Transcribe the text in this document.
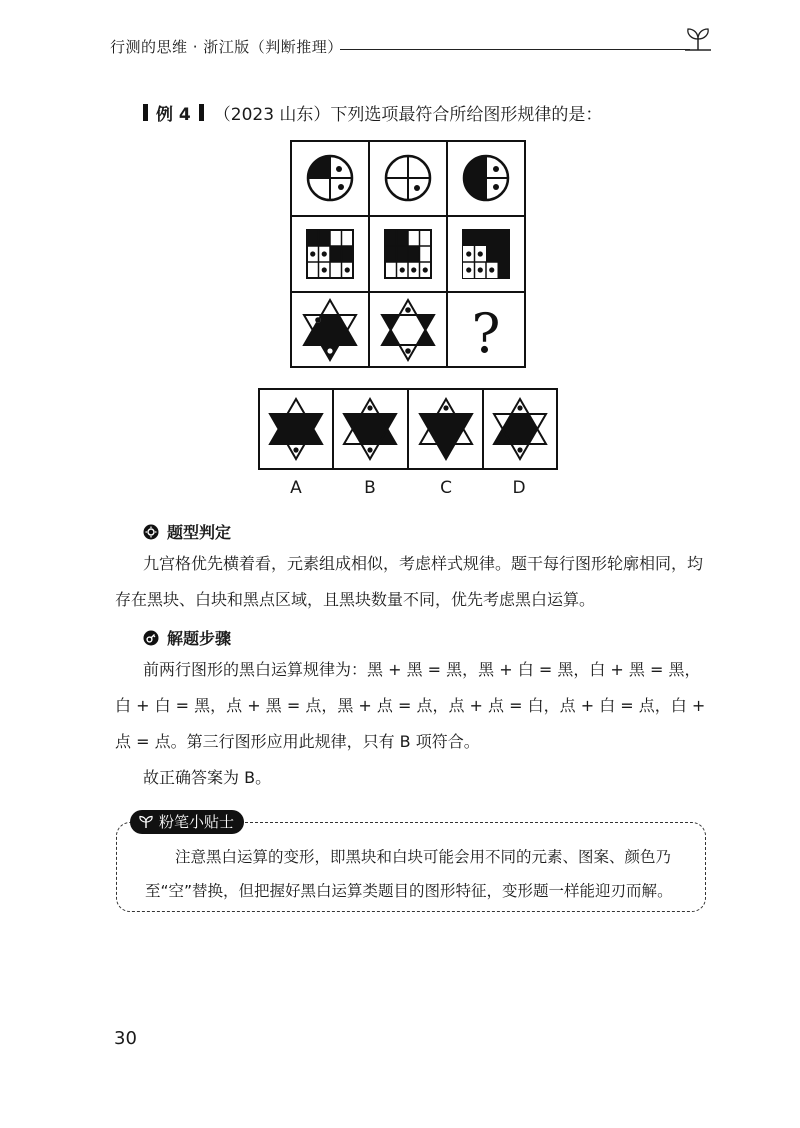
行测的思维 · 浙江版（判断推理）
例 4 （2023 山东）下列选项最符合所给图形规律的是：
?
A	B	C	D
题型判定
九宫格优先横着看，元素组成相似，考虑样式规律。题干每行图形轮廓相同，均存在黑块、白块和黑点区域，且黑块数量不同，优先考虑黑白运算。
解题步骤
前两行图形的黑白运算规律为：黑 + 黑 = 黑，黑 + 白 = 黑，白 + 黑 = 黑，白 + 白 = 黑，点 + 黑 = 点，黑 + 点 = 点，点 + 点 = 白，点 + 白 = 点，白 + 点 = 点。第三行图形应用此规律，只有 B 项符合。
故正确答案为 B。
粉笔小贴士
注意黑白运算的变形，即黑块和白块可能会用不同的元素、图案、颜色乃至“空”替换，但把握好黑白运算类题目的图形特征，变形题一样能迎刃而解。
30
